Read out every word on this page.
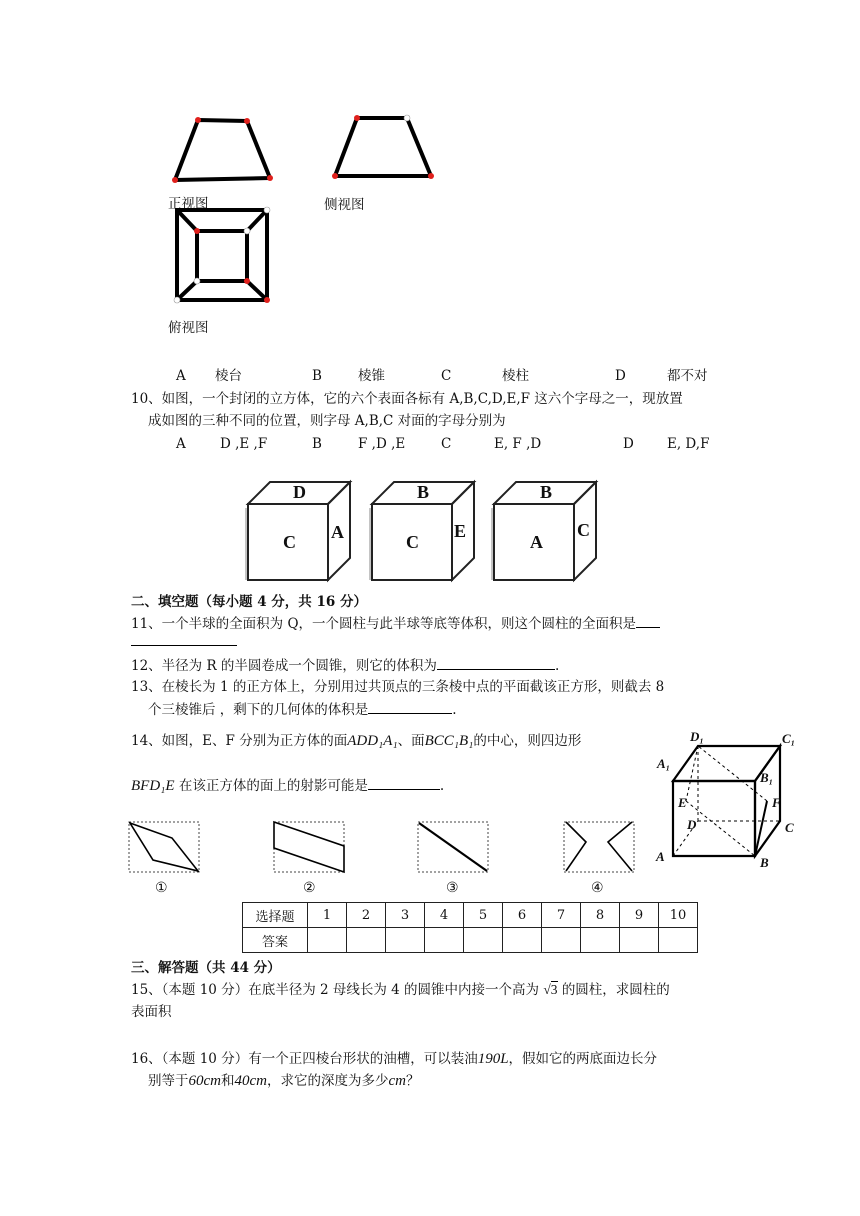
正视图	侧视图
俯视图
A 棱台	B	棱锥	C	棱柱	D	都不对
10、如图，一个封闭的立方体，它的六个表面各标有 A,B,C,D,E,F 这六个字母之一，现放置
成如图的三种不同的位置，则字母 A,B,C 对面的字母分别为
A	D ,E ,F	B	F ,D ,E	C	E, F ,D	D E, D,F
D
C A
B
C
E
B
A
C
二、填空题（每小题 4 分，共 16 分）
11、一个半球的全面积为 Q，一个圆柱与此半球等底等体积，则这个圆柱的全面积是
12、半径为 R 的半圆卷成一个圆锥，则它的体积为	.
13、在棱长为 1 的正方体上，分别用过共顶点的三条棱中点的平面截该正方形，则截去 8
个三棱锥后 ，剩下的几何体的体积是	.
14、如图，E、F 分别为正方体的面ADD₁A₁、面BCC₁B₁的中心，则四边形
BFD₁E 在该正方体的面上的射影可能是	.
D₁	C₁
A₁
B₁
E	F
D	C
A	B
①	②	③	④
选择题	1	2	3	4	5	6	7	8	9	10
答案										
三、解答题（共 44 分）
15、（本题 10 分）在底半径为 2 母线长为 4 的圆锥中内接一个高为 √3 的圆柱，求圆柱的
表面积
16、（本题 10 分）有一个正四棱台形状的油槽，可以装油190L，假如它的两底面边长分
别等于60cm和40cm，求它的深度为多少cm？
